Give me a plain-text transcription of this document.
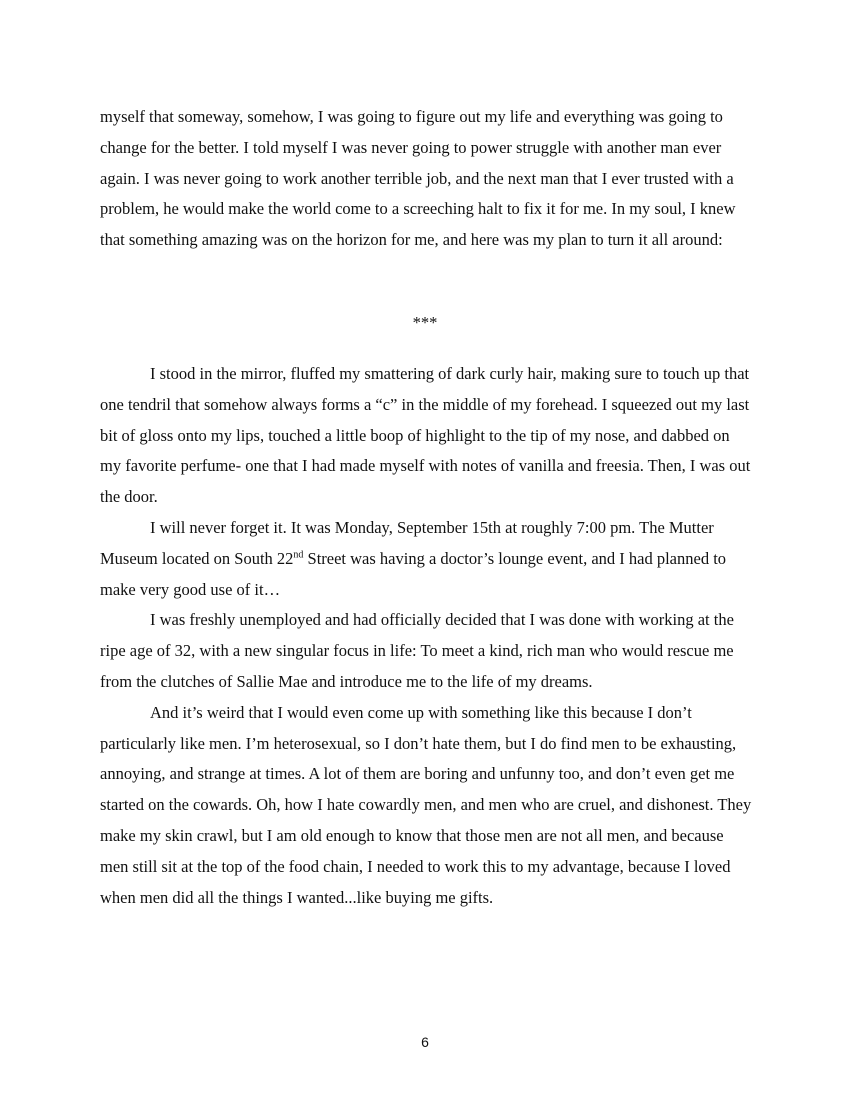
myself that someway, somehow, I was going to figure out my life and everything was going to change for the better. I told myself I was never going to power struggle with another man ever again. I was never going to work another terrible job, and the next man that I ever trusted with a problem, he would make the world come to a screeching halt to fix it for me. In my soul, I knew that something amazing was on the horizon for me, and here was my plan to turn it all around:

***

I stood in the mirror, fluffed my smattering of dark curly hair, making sure to touch up that one tendril that somehow always forms a “c” in the middle of my forehead. I squeezed out my last bit of gloss onto my lips, touched a little boop of highlight to the tip of my nose, and dabbed on my favorite perfume- one that I had made myself with notes of vanilla and freesia. Then, I was out the door.

I will never forget it. It was Monday, September 15th at roughly 7:00 pm. The Mutter Museum located on South 22nd Street was having a doctor’s lounge event, and I had planned to make very good use of it…

I was freshly unemployed and had officially decided that I was done with working at the ripe age of 32, with a new singular focus in life: To meet a kind, rich man who would rescue me from the clutches of Sallie Mae and introduce me to the life of my dreams.

And it’s weird that I would even come up with something like this because I don’t particularly like men. I’m heterosexual, so I don’t hate them, but I do find men to be exhausting, annoying, and strange at times. A lot of them are boring and unfunny too, and don’t even get me started on the cowards. Oh, how I hate cowardly men, and men who are cruel, and dishonest. They make my skin crawl, but I am old enough to know that those men are not all men, and because men still sit at the top of the food chain, I needed to work this to my advantage, because I loved when men did all the things I wanted...like buying me gifts.

6
